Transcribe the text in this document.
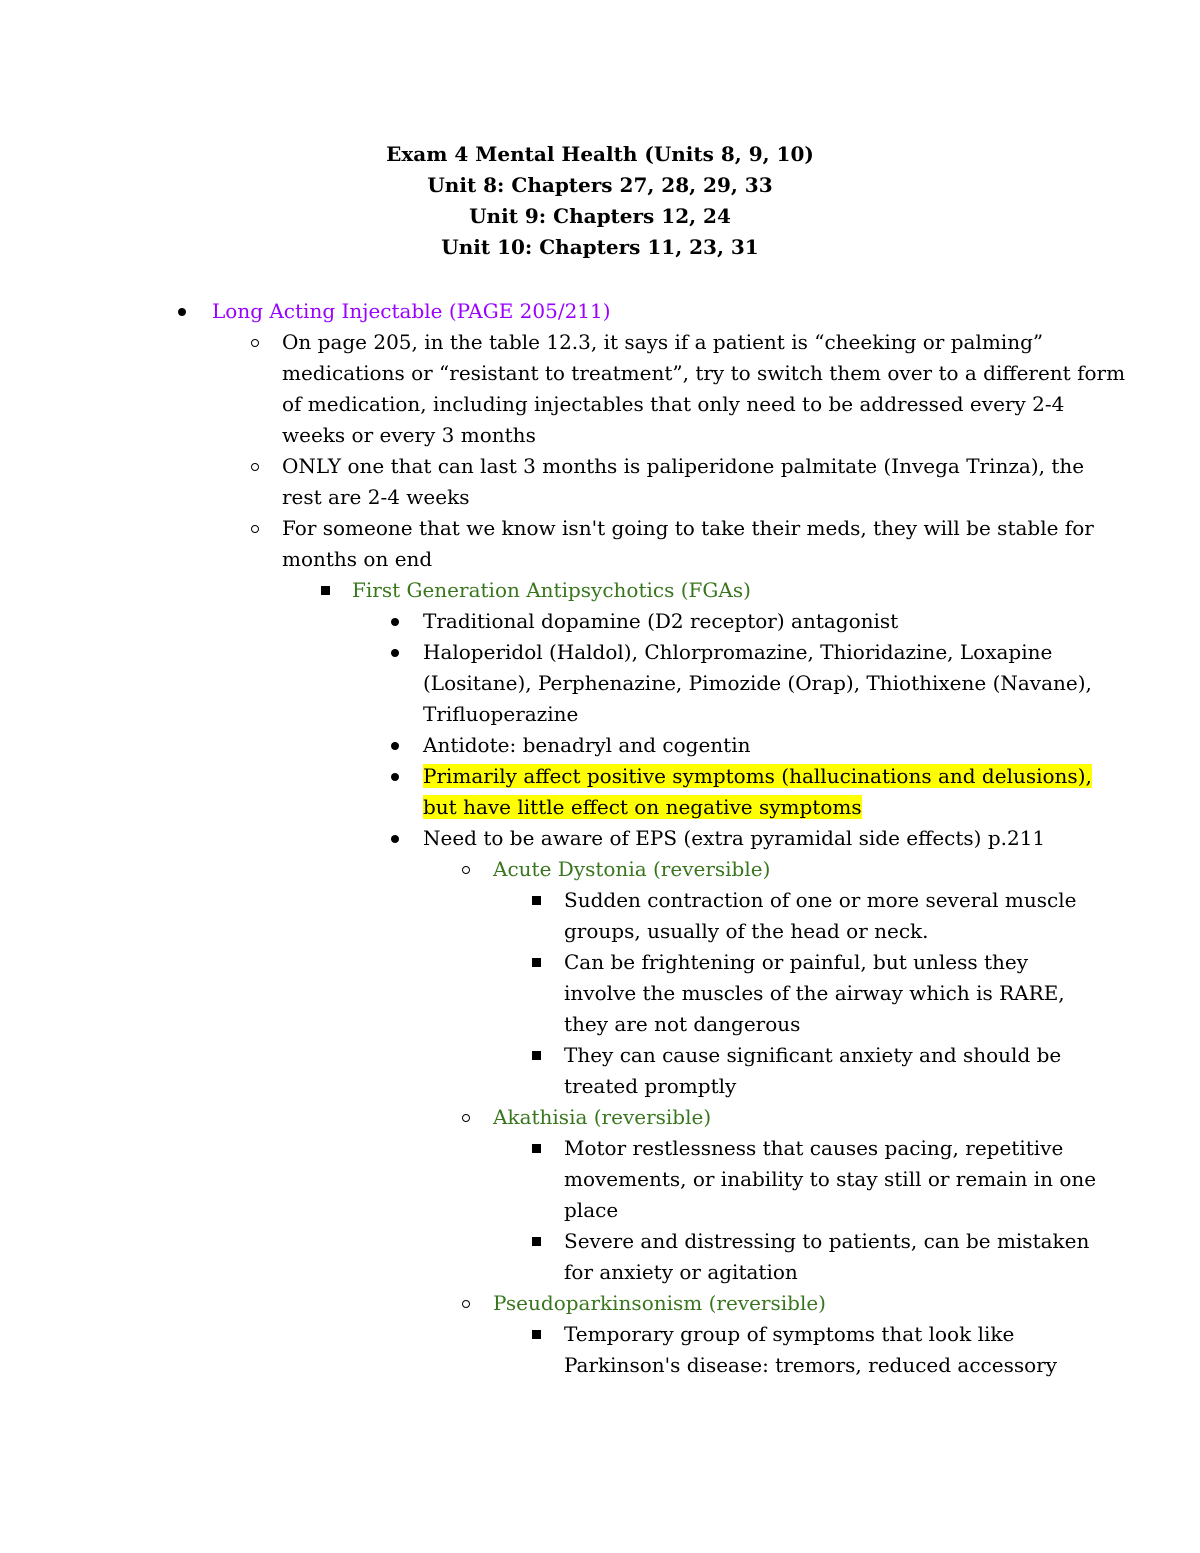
Exam 4 Mental Health (Units 8, 9, 10)
Unit 8: Chapters 27, 28, 29, 33
Unit 9: Chapters 12, 24
Unit 10: Chapters 11, 23, 31
Long Acting Injectable (PAGE 205/211)
On page 205, in the table 12.3, it says if a patient is “cheeking or palming”
medications or “resistant to treatment”, try to switch them over to a different form
of medication, including injectables that only need to be addressed every 2-4
weeks or every 3 months
ONLY one that can last 3 months is paliperidone palmitate (Invega Trinza), the
rest are 2-4 weeks
For someone that we know isn't going to take their meds, they will be stable for
months on end
First Generation Antipsychotics (FGAs)
Traditional dopamine (D2 receptor) antagonist
Haloperidol (Haldol), Chlorpromazine, Thioridazine, Loxapine
(Lositane), Perphenazine, Pimozide (Orap), Thiothixene (Navane),
Trifluoperazine
Antidote: benadryl and cogentin
Primarily affect positive symptoms (hallucinations and delusions),
but have little effect on negative symptoms
Need to be aware of EPS (extra pyramidal side effects) p.211
Acute Dystonia (reversible)
Sudden contraction of one or more several muscle
groups, usually of the head or neck.
Can be frightening or painful, but unless they
involve the muscles of the airway which is RARE,
they are not dangerous
They can cause significant anxiety and should be
treated promptly
Akathisia (reversible)
Motor restlessness that causes pacing, repetitive
movements, or inability to stay still or remain in one
place
Severe and distressing to patients, can be mistaken
for anxiety or agitation
Pseudoparkinsonism (reversible)
Temporary group of symptoms that look like
Parkinson's disease: tremors, reduced accessory
